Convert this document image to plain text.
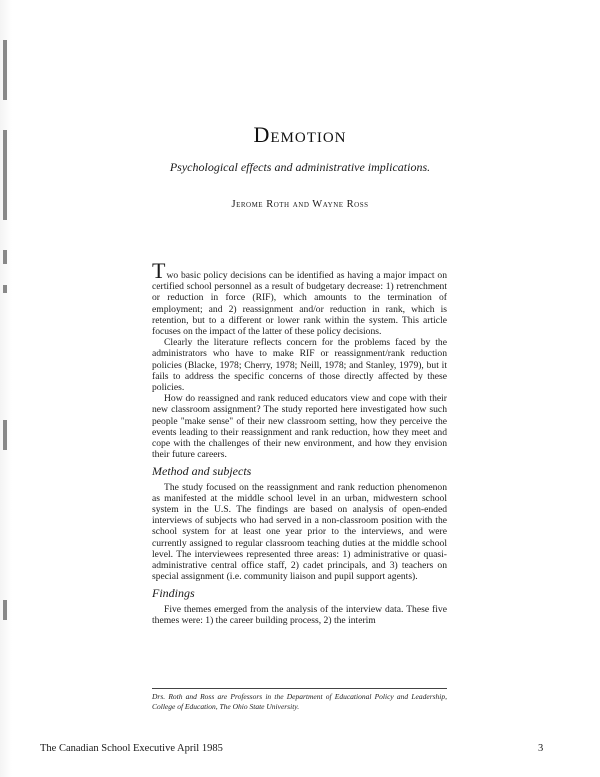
Demotion
Psychological effects and administrative implications.
Jerome Roth and Wayne Ross

Two basic policy decisions can be identified as having a major impact on certified school personnel as a result of budgetary decrease: 1) retrenchment or reduction in force (RIF), which amounts to the termination of employment; and 2) reassignment and/or reduction in rank, which is retention, but to a different or lower rank within the system. This article focuses on the impact of the latter of these policy decisions.

Clearly the literature reflects concern for the problems faced by the administrators who have to make RIF or reassignment/rank reduction policies (Blacke, 1978; Cherry, 1978; Neill, 1978; and Stanley, 1979), but it fails to address the specific concerns of those directly affected by these policies.

How do reassigned and rank reduced educators view and cope with their new classroom assignment? The study reported here investigated how such people "make sense" of their new classroom setting, how they perceive the events leading to their reassignment and rank reduction, how they meet and cope with the challenges of their new environment, and how they envision their future careers.

Method and subjects

The study focused on the reassignment and rank reduction phenomenon as manifested at the middle school level in an urban, midwestern school system in the U.S. The findings are based on analysis of open-ended interviews of subjects who had served in a non-classroom position with the school system for at least one year prior to the interviews, and were currently assigned to regular classroom teaching duties at the middle school level. The interviewees represented three areas: 1) administrative or quasi-administrative central office staff, 2) cadet principals, and 3) teachers on special assignment (i.e. community liaison and pupil support agents).

Findings

Five themes emerged from the analysis of the interview data. These five themes were: 1) the career building process, 2) the interim

Drs. Roth and Ross are Professors in the Department of Educational Policy and Leadership, College of Education, The Ohio State University.
The Canadian School Executive April 1985	3
